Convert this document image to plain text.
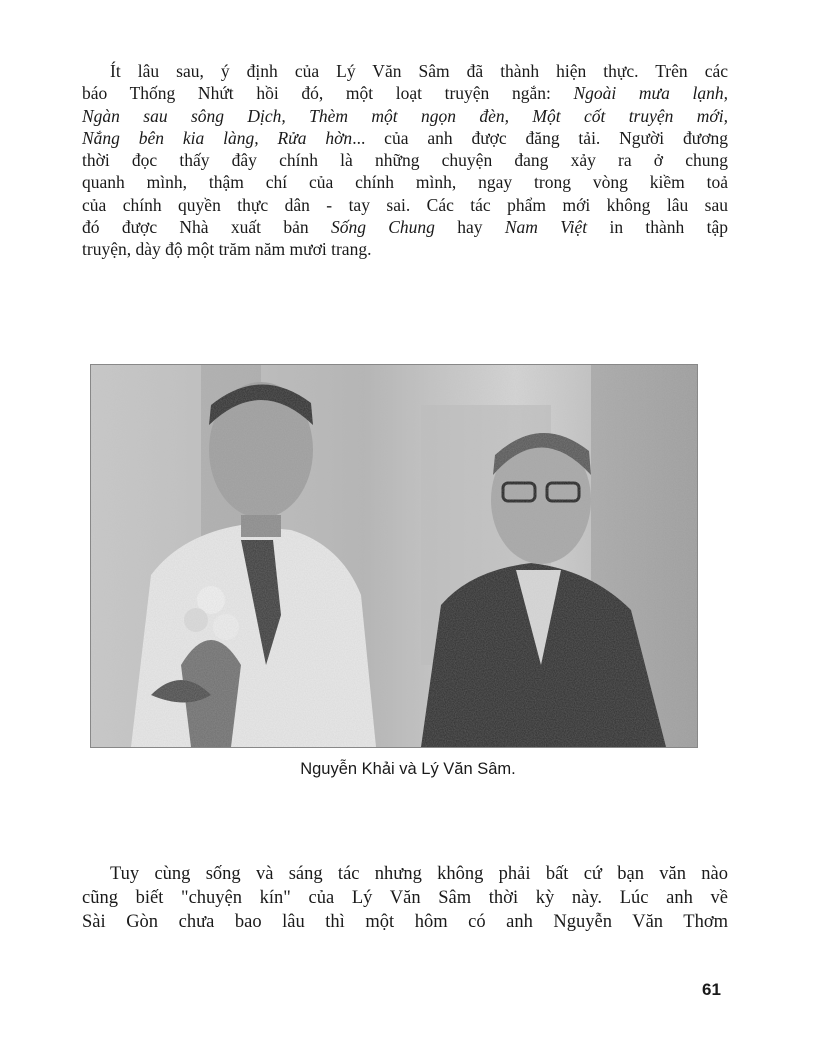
Ít lâu sau, ý định của Lý Văn Sâm đã thành hiện thực. Trên các
báo Thống Nhứt hồi đó, một loạt truyện ngắn: Ngoài mưa lạnh,
Ngàn sau sông Dịch, Thèm một ngọn đèn, Một cốt truyện mới,
Nắng bên kia làng, Rửa hờn... của anh được đăng tải. Người đương
thời đọc thấy đây chính là những chuyện đang xảy ra ở chung
quanh mình, thậm chí của chính mình, ngay trong vòng kiềm toả
của chính quyền thực dân - tay sai. Các tác phẩm mới không lâu sau
đó được Nhà xuất bản Sống Chung hay Nam Việt in thành tập
truyện, dày độ một trăm năm mươi trang.
Nguyễn Khải và Lý Văn Sâm.
Tuy cùng sống và sáng tác nhưng không phải bất cứ bạn văn nào
cũng biết "chuyện kín" của Lý Văn Sâm thời kỳ này. Lúc anh về
Sài Gòn chưa bao lâu thì một hôm có anh Nguyễn Văn Thơm
61
